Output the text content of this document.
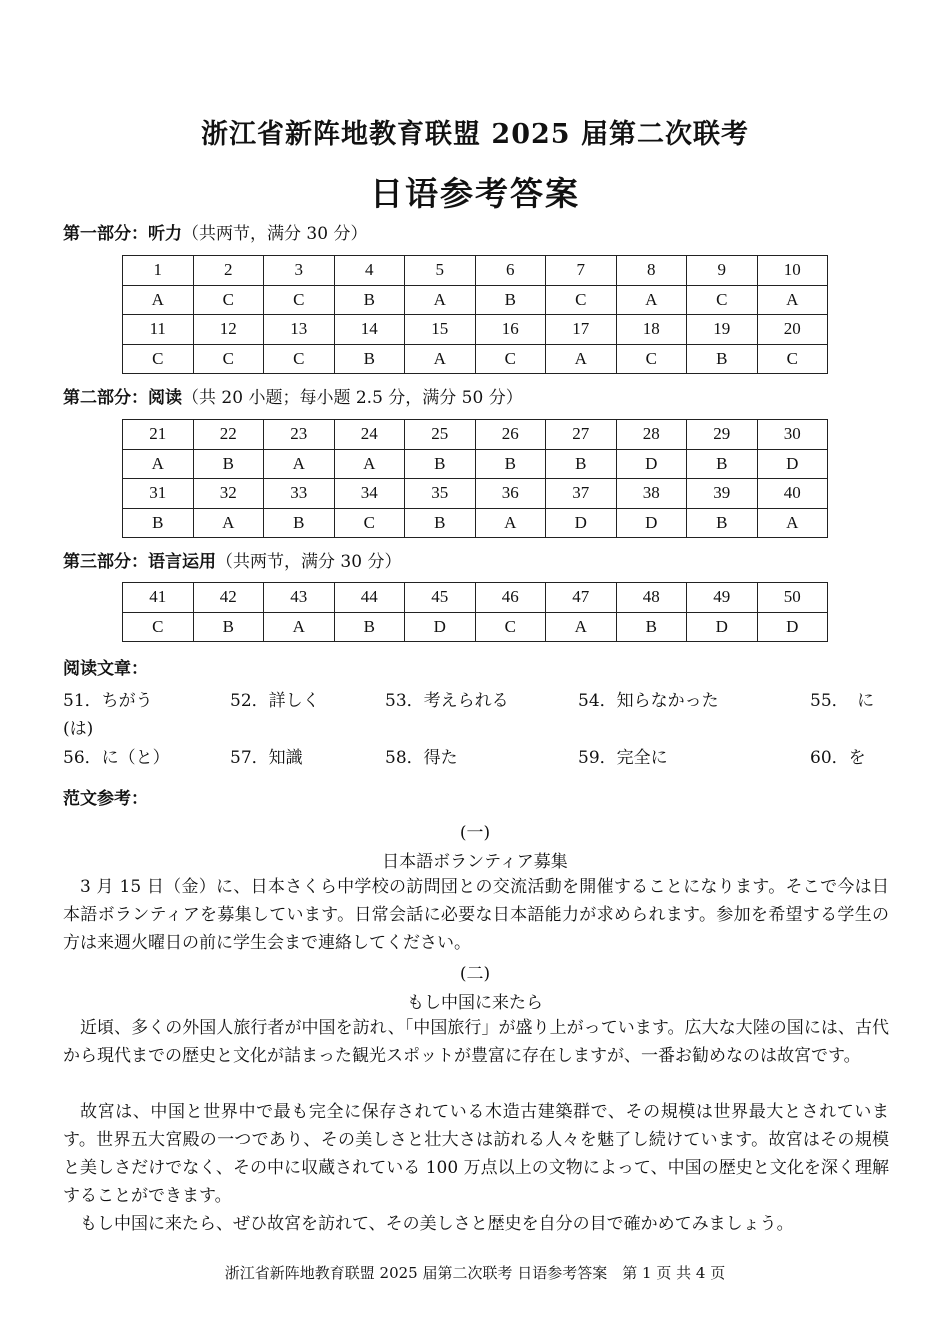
浙江省新阵地教育联盟 2025 届第二次联考
日语参考答案
第一部分：听力（共两节，满分 30 分）
1	2	3	4	5	6	7	8	9	10
A	C	C	B	A	B	C	A	C	A
11	12	13	14	15	16	17	18	19	20
C	C	C	B	A	C	A	C	B	C
第二部分：阅读（共 20 小题；每小题 2.5 分，满分 50 分）
21	22	23	24	25	26	27	28	29	30
A	B	A	A	B	B	B	D	B	D
31	32	33	34	35	36	37	38	39	40
B	A	B	C	B	A	D	D	B	A
第三部分：语言运用（共两节，满分 30 分）
41	42	43	44	45	46	47	48	49	50
C	B	A	B	D	C	A	B	D	D
阅读文章：
51．ちがう	52．詳しく	53．考えられる	54．知らなかった	55．　に
(は)
56．に（と）	57．知識	58．得た	59．完全に	60．を
范文参考：
(一)
日本語ボランティア募集
3 月 15 日（金）に、日本さくら中学校の訪問団との交流活動を開催することになります。そこで今は日本語ボランティアを募集しています。日常会話に必要な日本語能力が求められます。参加を希望する学生の方は来週火曜日の前に学生会まで連絡してください。
(二)
もし中国に来たら
近頃、多くの外国人旅行者が中国を訪れ、「中国旅行」が盛り上がっています。広大な大陸の国には、古代から現代までの歴史と文化が詰まった観光スポットが豊富に存在しますが、一番お勧めなのは故宮です。
故宮は、中国と世界中で最も完全に保存されている木造古建築群で、その規模は世界最大とされています。世界五大宮殿の一つであり、その美しさと壮大さは訪れる人々を魅了し続けています。故宮はその規模と美しさだけでなく、その中に収蔵されている 100 万点以上の文物によって、中国の歴史と文化を深く理解することができます。
もし中国に来たら、ぜひ故宮を訪れて、その美しさと歴史を自分の目で確かめてみましょう。
浙江省新阵地教育联盟 2025 届第二次联考 日语参考答案　第 1 页 共 4 页
